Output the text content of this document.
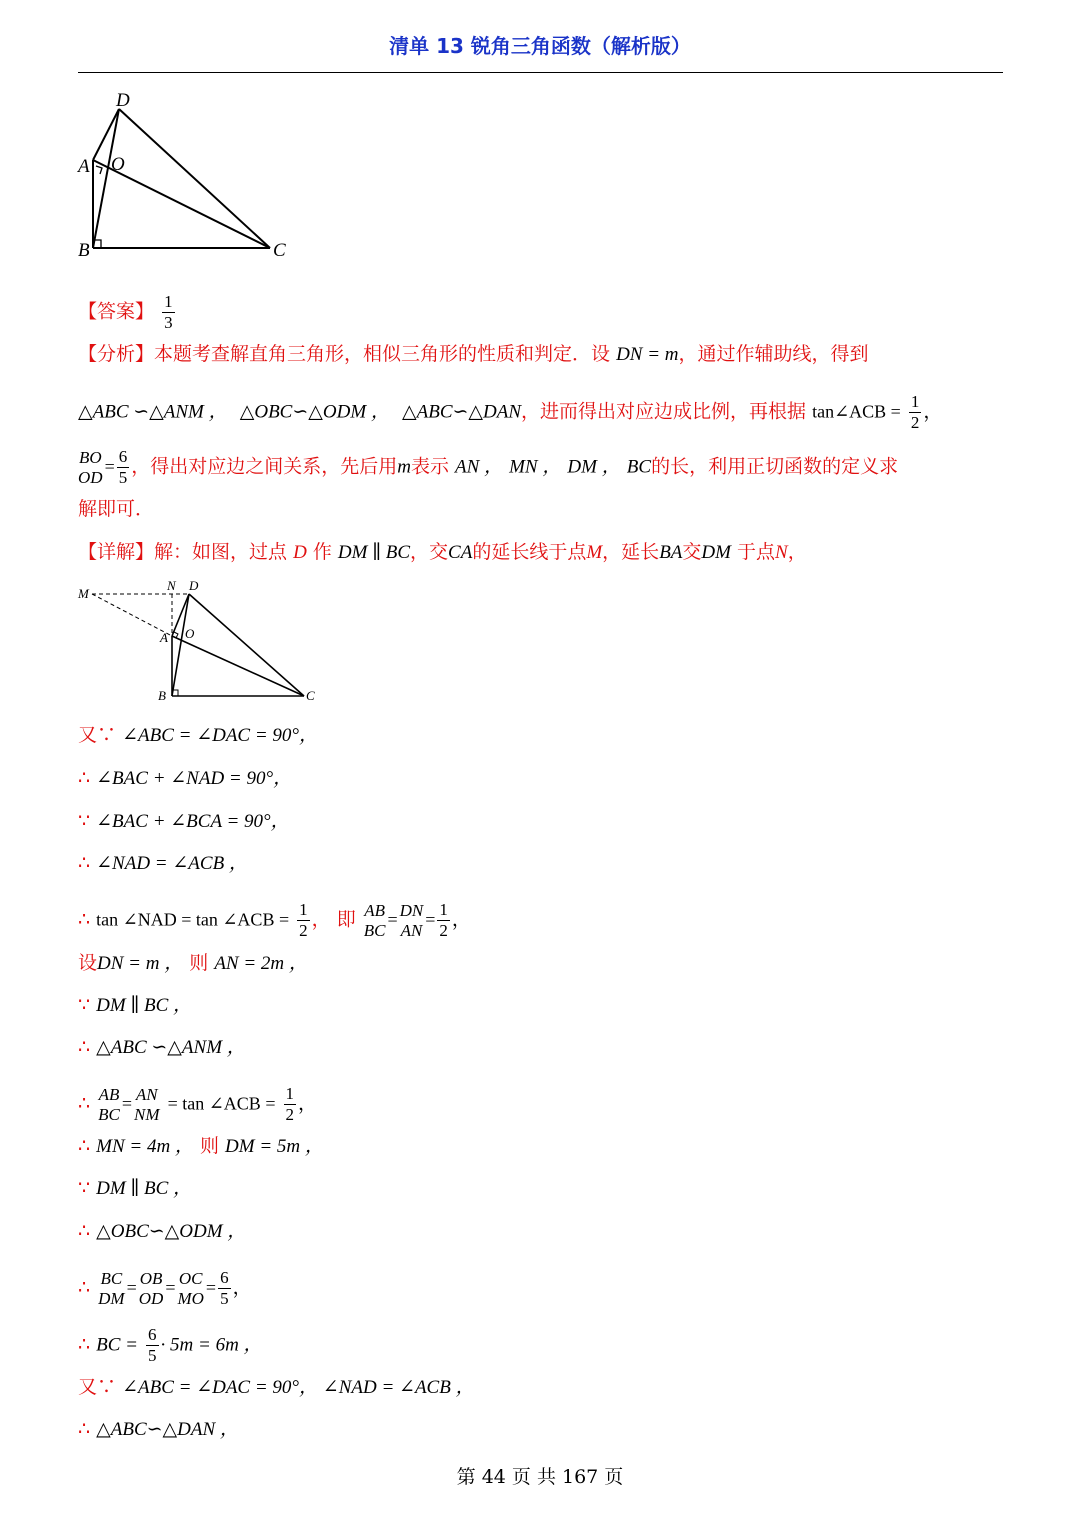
清单 13 锐角三角函数（解析版）
D
A O
B	C
【答案】 $\frac{1}{3}$
【分析】本题考查解直角三角形，相似三角形的性质和判定．设 DN = m，通过作辅助线，得到
△ABC ∽△ANM ， △OBC∽△ODM ， △ABC∽△DAN，进而得出对应边成比例，再根据 tan∠ACB = $\frac{1}{2}$ ，
BO
OD
= $\frac{6}{5}$ ，得出对应边之间关系，先后用m表示 AN ， MN ， DM ， BC的长，利用正切函数的定义求
解即可．
【详解】解：如图，过点 D 作 DM ∥ BC，交CA的延长线于点M，延长BA交DM 于点N，
M
N D
A O
B	C
又∵ ∠ABC = ∠DAC = 90°，
∴ ∠BAC + ∠NAD = 90°，
∵ ∠BAC + ∠BCA = 90°，
∴ ∠NAD = ∠ACB ，
∴ tan ∠NAD = tan ∠ACB = $\frac{1}{2}$ ， 即 AB
BC
= DN
AN
= $\frac{1}{2}$ ，
设DN = m ， 则 AN = 2m ，
∵ DM ∥ BC ，
∴ △ABC ∽△ANM ，
∴ AB
BC
= AN
NM
= tan ∠ACB = $\frac{1}{2}$ ，
∴ MN = 4m ， 则 DM = 5m ，
∵ DM ∥ BC ，
∴ △OBC∽△ODM ，
∴ BC
DM
= OB
OD
= OC
MO
= $\frac{6}{5}$ ，
∴ BC = $\frac{6}{5} \cdot 5m = 6m$ ，
又∵ ∠ABC = ∠DAC = 90°， ∠NAD = ∠ACB ，
∴ △ABC∽△DAN ，
第 44 页 共 167 页
